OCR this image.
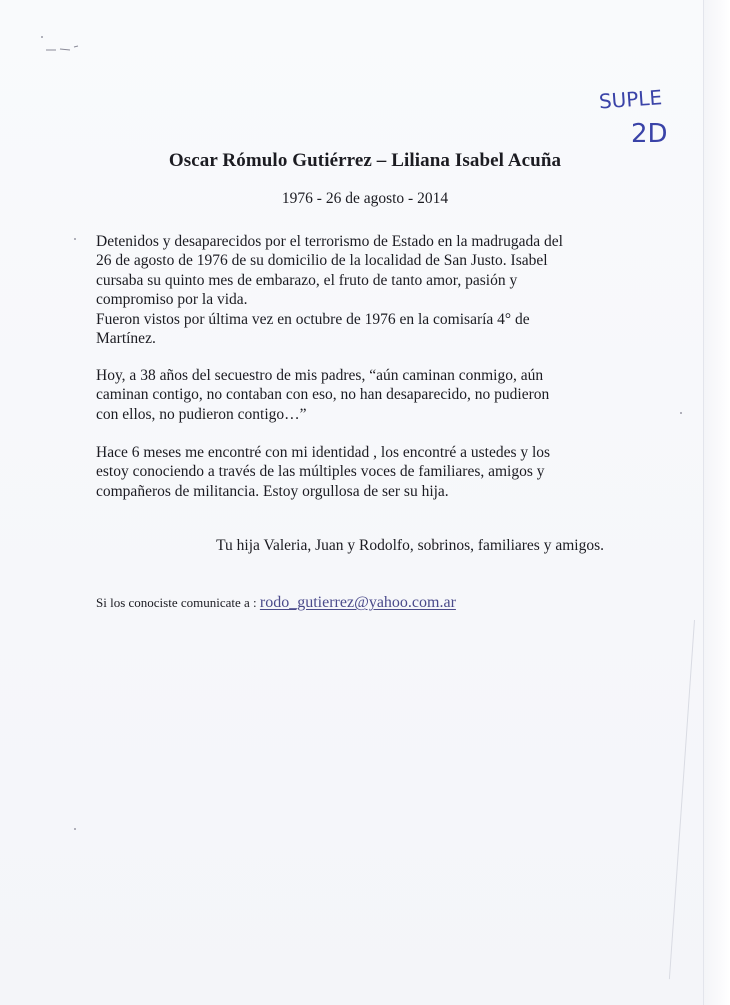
SUPLE
2D
Oscar Rómulo Gutiérrez – Liliana Isabel Acuña
1976 - 26 de agosto - 2014

Detenidos y desaparecidos por el terrorismo de Estado en la madrugada del

26 de agosto de 1976 de su domicilio de la localidad de San Justo. Isabel

cursaba su quinto mes de embarazo, el fruto de tanto amor, pasión y

compromiso por la vida.

Fueron vistos por última vez en octubre de 1976 en la comisaría 4° de

Martínez.

Hoy, a 38 años del secuestro de mis padres, “aún caminan conmigo, aún

caminan contigo, no contaban con eso, no han desaparecido, no pudieron

con ellos, no pudieron contigo…”

Hace 6 meses me encontré con mi identidad , los encontré a ustedes y los

estoy conociendo a través de las múltiples voces de familiares, amigos y

compañeros de militancia. Estoy orgullosa de ser su hija.

Tu hija Valeria, Juan y Rodolfo, sobrinos, familiares y amigos.
Si los conociste comunicate a : rodo_gutierrez@yahoo.com.ar
